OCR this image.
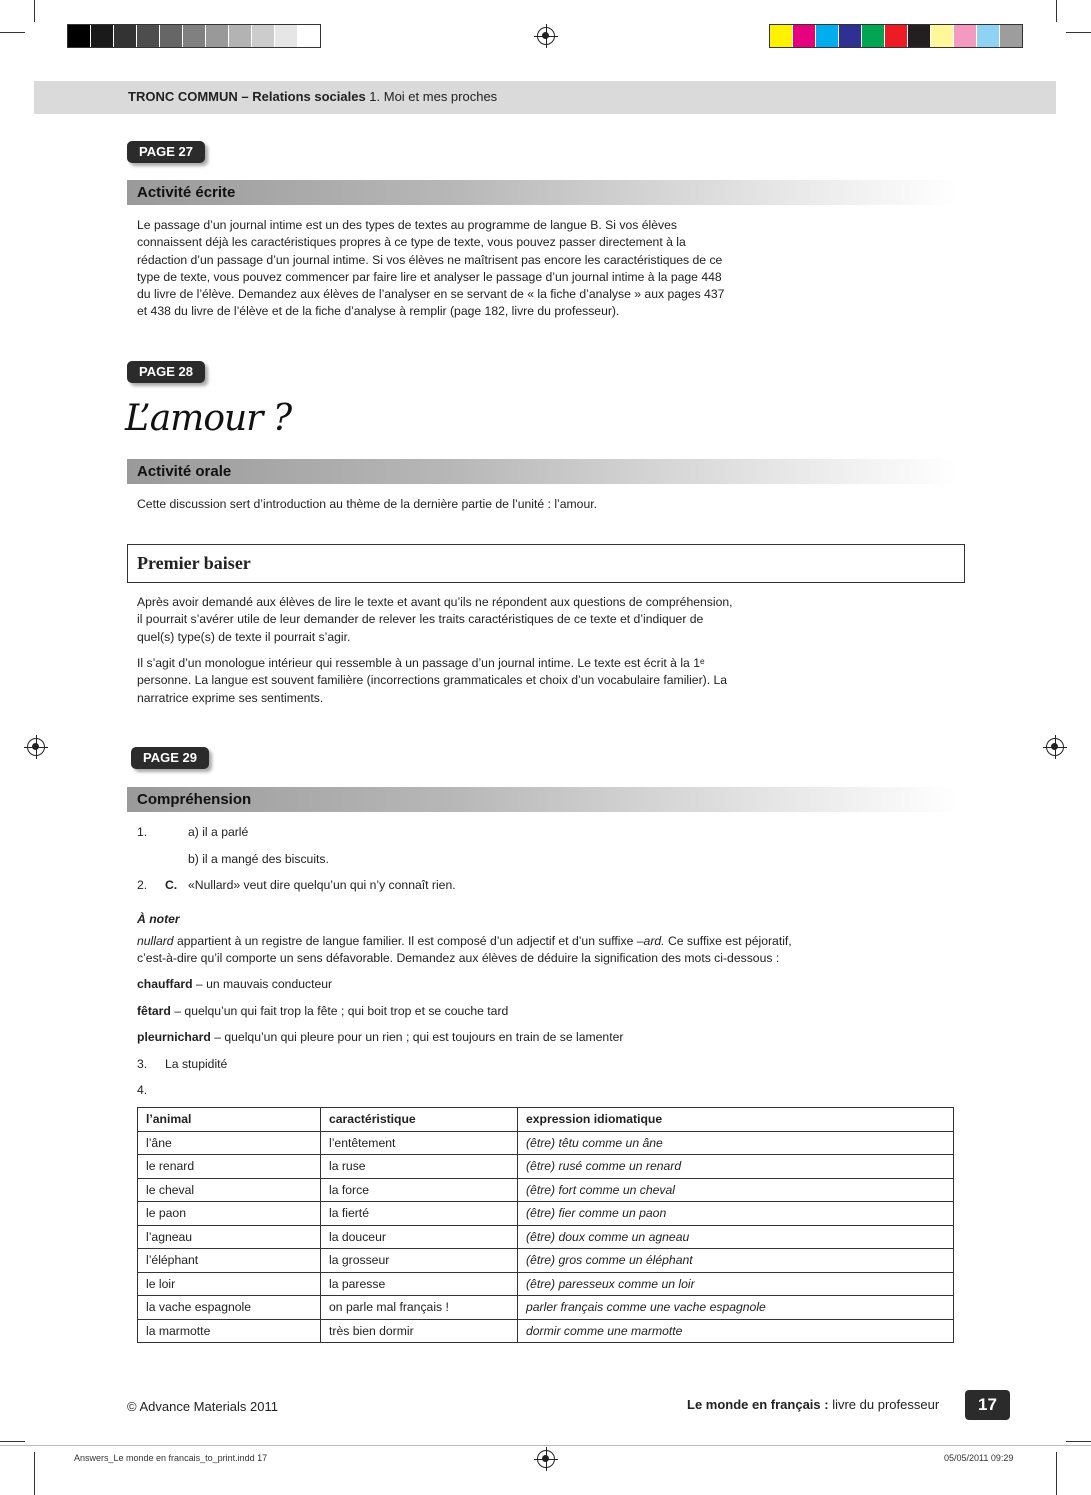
TRONC COMMUN – Relations sociales 1. Moi et mes proches
PAGE 27
Activité écrite
Le passage d’un journal intime est un des types de textes au programme de langue B. Si vos élèves
connaissent déjà les caractéristiques propres à ce type de texte, vous pouvez passer directement à la
rédaction d’un passage d’un journal intime. Si vos élèves ne maîtrisent pas encore les caractéristiques de ce
type de texte, vous pouvez commencer par faire lire et analyser le passage d’un journal intime à la page 448
du livre de l’élève. Demandez aux élèves de l’analyser en se servant de « la fiche d’analyse » aux pages 437
et 438 du livre de l’élève et de la fiche d’analyse à remplir (page 182, livre du professeur).
PAGE 28
L’amour ?
Activité orale
Cette discussion sert d’introduction au thème de la dernière partie de l’unité : l’amour.
Premier baiser
Après avoir demandé aux élèves de lire le texte et avant qu’ils ne répondent aux questions de compréhension,
il pourrait s’avérer utile de leur demander de relever les traits caractéristiques de ce texte et d’indiquer de
quel(s) type(s) de texte il pourrait s’agir.
Il s’agit d’un monologue intérieur qui ressemble à un passage d’un journal intime. Le texte est écrit à la 1ᵉ
personne. La langue est souvent familière (incorrections grammaticales et choix d’un vocabulaire familier). La
narratrice exprime ses sentiments.
PAGE 29
Compréhension
1.	a) il a parlé
b) il a mangé des biscuits.
2. C. «Nullard» veut dire quelqu’un qui n’y connaît rien.
À noter
nullard appartient à un registre de langue familier. Il est composé d’un adjectif et d’un suffixe –ard. Ce suffixe est péjoratif,
c’est-à-dire qu’il comporte un sens défavorable. Demandez aux élèves de déduire la signification des mots ci-dessous :
chauffard – un mauvais conducteur
fêtard – quelqu’un qui fait trop la fête ; qui boit trop et se couche tard
pleurnichard – quelqu’un qui pleure pour un rien ; qui est toujours en train de se lamenter
3. La stupidité
4.
l’animal	caractéristique	expression idiomatique
l’âne	l’entêtement	(être) têtu comme un âne
le renard	la ruse	(être) rusé comme un renard
le cheval	la force	(être) fort comme un cheval
le paon	la fierté	(être) fier comme un paon
l’agneau	la douceur	(être) doux comme un agneau
l’éléphant	la grosseur	(être) gros comme un éléphant
le loir	la paresse	(être) paresseux comme un loir
la vache espagnole	on parle mal français !	parler français comme une vache espagnole
la marmotte	très bien dormir	dormir comme une marmotte
© Advance Materials 2011	Le monde en français : livre du professeur	17
Answers_Le monde en francais_to_print.indd 17	05/05/2011 09:29
